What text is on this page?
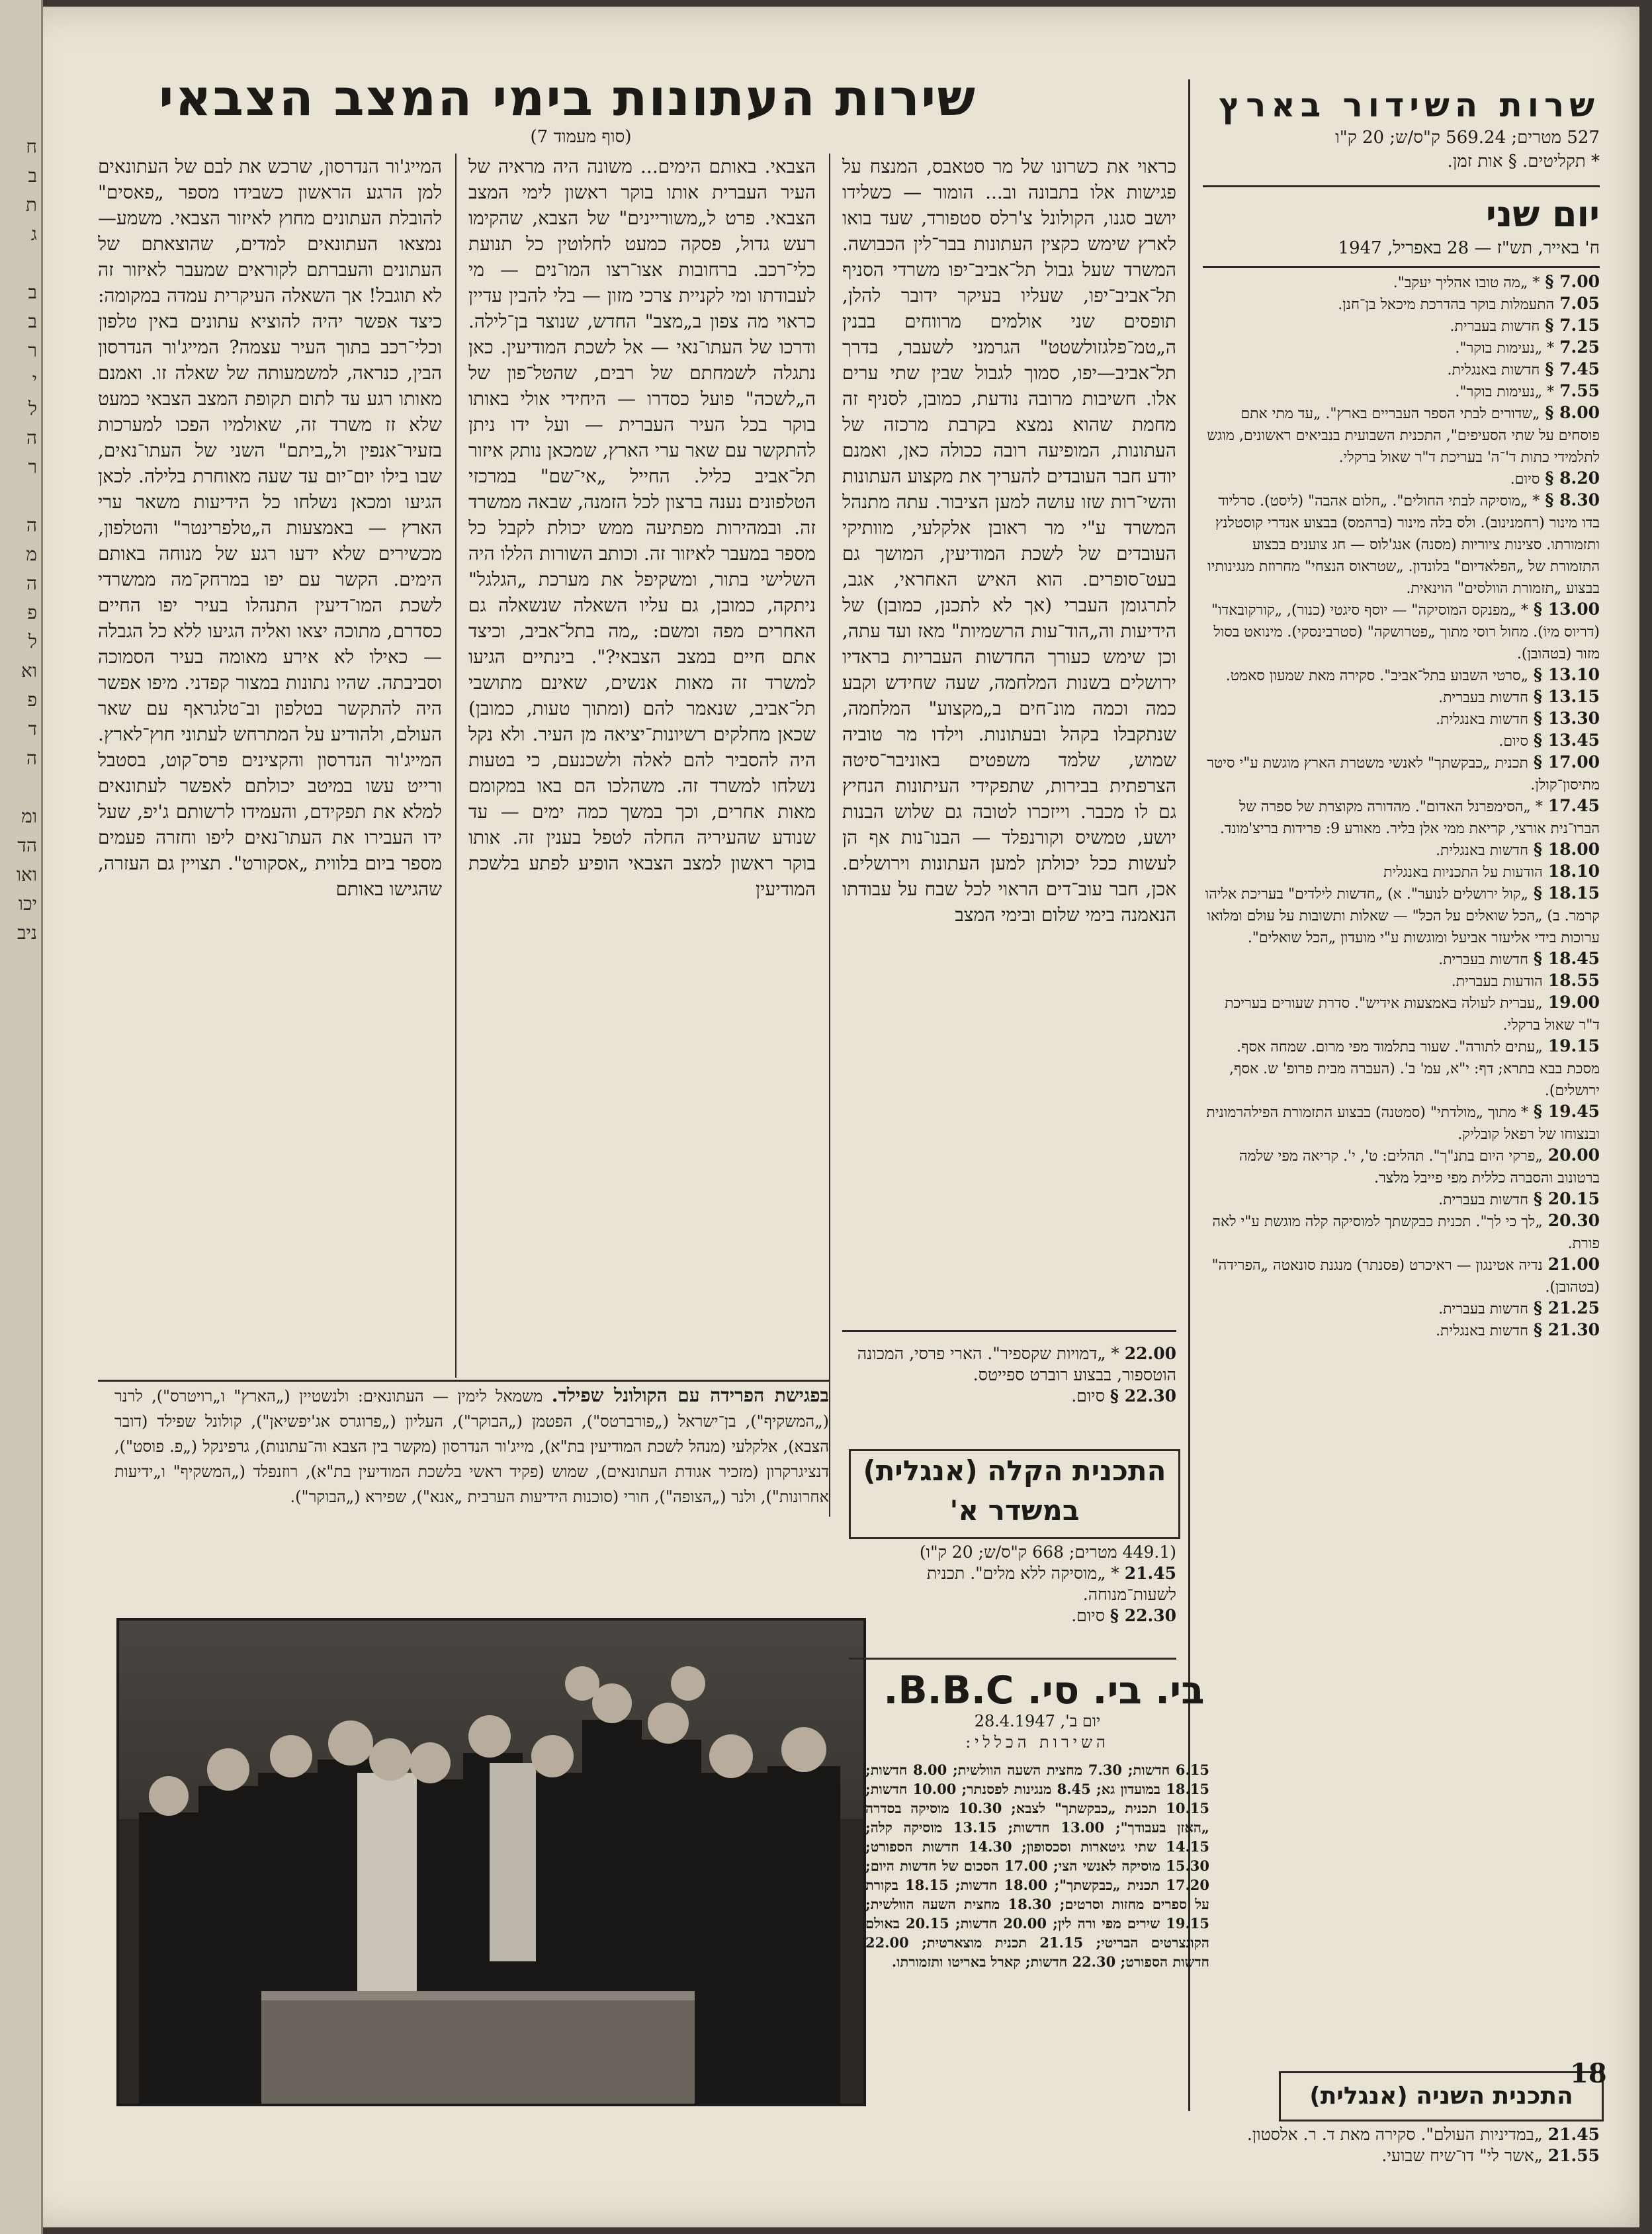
שירות העתונות בימי המצב הצבאי
(סוף מעמוד 7)

כראוי את כשרונו של מר סטאבס, המנצח על פגישות אלו בתבונה וב... הומור — כשלידו יושב סגנו, הקולונל צ'רלס סטפורד, שעד בואו לארץ שימש כקצין העתונות בבר־לין הכבושה. המשרד שעל גבול תל־אביב־יפו משרדי הסניף תל־אביב־יפו, שעליו בעיקר ידובר להלן, תופסים שני אולמים מרווחים בבנין ה„טמ־פלגזולשטט" הגרמני לשעבר, בדרך תל־אביב—יפו, סמוך לגבול שבין שתי ערים אלו. חשיבות מרובה נודעת, כמובן, לסניף זה מחמת שהוא נמצא בקרבת מרכזה של העתונות, המופיעה רובה ככולה כאן, ואמנם יודע חבר העובדים להעריך את מקצוע העתונות והשי־רות שזו עושה למען הציבור. עתה מתנהל המשרד ע"י מר ראובן אלקלעי, מוותיקי העובדים של לשכת המודיעין, המושך גם בעט־סופרים. הוא האיש האחראי, אגב, לתרגומן העברי (אך לא לתכנן, כמובן) של הידיעות וה„הוד־עות הרשמיות" מאז ועד עתה, וכן שימש כעורך החדשות העבריות בראדיו ירושלים בשנות המלחמה, שעה שחידש וקבע כמה וכמה מונ־חים ב„מקצוע" המלחמה, שנתקבלו בקהל ובעתונות. וילדו מר טוביה שמוש, שלמד משפטים באוניבר־סיטה הצרפתית בבירות, שתפקידי העיתונות הנחיץ גם לו מכבר. וייזכרו לטובה גם שלוש הבנות יושע, טמשיס וקורנפלד — הבנו־נות אף הן לעשות ככל יכולתן למען העתונות וירושלים. אכן, חבר עוב־דים הראוי לכל שבח על עבודתו הנאמנה בימי שלום ובימי המצב

הצבאי. באותם הימים... משונה היה מראיה של העיר העברית אותו בוקר ראשון לימי המצב הצבאי. פרט ל„משוריינים" של הצבא, שהקימו רעש גדול, פסקה כמעט לחלוטין כל תנועת כלי־רכב. ברחובות אצו־רצו המו־נים — מי לעבודתו ומי לקניית צרכי מזון — בלי להבין עדיין כראוי מה צפון ב„מצב" החדש, שנוצר בן־לילה. ודרכו של העתו־נאי — אל לשכת המודיעין. כאן נתגלה לשמחתם של רבים, שהטל־פון של ה„לשכה" פועל כסדרו — היחידי אולי באותו בוקר בכל העיר העברית — ועל ידו ניתן להתקשר עם שאר ערי הארץ, שמכאן נותק איזור תל־אביב כליל. החייל „אי־שם" במרכזי הטלפונים נענה ברצון לכל הזמנה, שבאה ממשרד זה. ובמהירות מפתיעה ממש יכולת לקבל כל מספר במעבר לאיזור זה. וכותב השורות הללו היה השלישי בתור, ומשקיפל את מערכת „הגלגל" ניתקה, כמובן, גם עליו השאלה שנשאלה גם האחרים מפה ומשם: „מה בתל־אביב, וכיצד אתם חיים במצב הצבאי?". בינתיים הגיעו למשרד זה מאות אנשים, שאינם מתושבי תל־אביב, שנאמר להם (ומתוך טעות, כמובן) שכאן מחלקים רשיונות־יציאה מן העיר. ולא נקל היה להסביר להם לאלה ולשכנעם, כי בטעות נשלחו למשרד זה. משהלכו הם באו במקומם מאות אחרים, וכך במשך כמה ימים — עד שנודע שהעיריה החלה לטפל בענין זה. אותו בוקר ראשון למצב הצבאי הופיע לפתע בלשכת המודיעין

המייג'ור הנדרסון, שרכש את לבם של העתונאים למן הרגע הראשון כשבידו מספר „פאסים" להובלת העתונים מחוץ לאיזור הצבאי. משמע—נמצאו העתונאים למדים, שהוצאתם של העתונים והעברתם לקוראים שמעבר לאיזור זה לא תוגבל! אך השאלה העיקרית עמדה במקומה: כיצד אפשר יהיה להוציא עתונים באין טלפון וכלי־רכב בתוך העיר עצמה? המייג'ור הנדרסון הבין, כנראה, למשמעותה של שאלה זו. ואמנם מאותו רגע עד לתום תקופת המצב הצבאי כמעט שלא זז משרד זה, שאולמיו הפכו למערכות בזעיר־אנפין ול„ביתם" השני של העתו־נאים, שבו בילו יום־יום עד שעה מאוחרת בלילה. לכאן הגיעו ומכאן נשלחו כל הידיעות משאר ערי הארץ — באמצעות ה„טלפרינטר" והטלפון, מכשירים שלא ידעו רגע של מנוחה באותם הימים. הקשר עם יפו במרחק־מה ממשרדי לשכת המו־דיעין התנהלו בעיר יפו החיים כסדרם, מתוכה יצאו ואליה הגיעו ללא כל הגבלה — כאילו לא אירע מאומה בעיר הסמוכה וסביבתה. שהיו נתונות במצור קפדני. מיפו אפשר היה להתקשר בטלפון וב־טלגראף עם שאר העולם, ולהודיע על המתרחש לעתוני חוץ־לארץ. המייג'ור הנדרסון והקצינים פרס־קוט, בסטבל ורייט עשו במיטב יכולתם לאפשר לעתונאים למלא את תפקידם, והעמידו לרשותם ג'יפ, שעל ידו העבירו את העתו־נאים ליפו וחזרה פעמים מספר ביום בלווית „אסקורט". תצויין גם העזרה, שהגישו באותם

בפגישת הפרידה עם הקולונל שפילד. משמאל לימין — העתונאים: ולנשטיין („הארץ" ו„רויטרס"), לרנר („המשקיף"), בן־ישראל („פורברטס"), הפטמן („הבוקר"), העליון („פרוגרס אג'יפשיאן"), קולונל שפילד (דובר הצבא), אלקלעי (מנהל לשכת המודיעין בת"א), מייג'ור הנדרסון (מקשר בין הצבא וה־עתונות), גרפינקל („פ. פוסט"), דנציגרקרון (מזכיר אגודת העתונאים), שמוש (פקיד ראשי בלשכת המודיעין בת"א), רוזנפלד („המשקיף" ו„ידיעות אחרונות"), ולנר („הצופה"), חורי (סוכנות הידיעות הערבית „אנא"), שפירא („הבוקר").
22.00 * „דמויות שקספיר". הארי פרסי, המכונה הוטספור, בבצוע רוברט ספייטס.
22.30 § סיום.
התכנית הקלה (אנגלית)
במשדר א'
(449.1 מטרים; 668 ק"ס/ש; 20 ק"ו)
21.45 * „מוסיקה ללא מלים". תכנית לשעות־מנוחה.
22.30 § סיום.
בי. בי. סי. B.B.C.
יום ב', 28.4.1947
השירות הכללי:
6.15 חדשות; 7.30 מחצית השעה הוולשית; 8.00 חדשות; 18.15 במועדון גא; 8.45 מנגינות לפסנתר; 10.00 חדשות; 10.15 תכנית „כבקשתך" לצבא; 10.30 מוסיקה בסדרה „האזן בעבודך"; 13.00 חדשות; 13.15 מוסיקה קלה; 14.15 שתי גיטארות וסכסופון; 14.30 חדשות הספורט; 15.30 מוסיקה לאנשי הצי; 17.00 הסכום של חדשות היום; 17.20 תכנית „כבקשתך"; 18.00 חדשות; 18.15 בקורת על ספרים מחזות וסרטים; 18.30 מחצית השעה הוולשית; 19.15 שירים מפי ורה לין; 20.00 חדשות; 20.15 באולם הקונצרטים הבריטי; 21.15 תכנית מוצארטית; 22.00 חדשות הספורט; 22.30 חדשות; קארל באריטו ותזמורתו.
שרות השידור בארץ
527 מטרים; 569.24 ק"ס/ש; 20 ק"ו
* תקליטים. § אות זמן.
יום שני
ח' באייר, תש"ז — 28 באפריל, 1947
7.00 § * „מה טובו אהליך יעקב".
7.05 התעמלות בוקר בהדרכת מיכאל בן־חנן.
7.15 § חדשות בעברית.
7.25 * „נעימות בוקר".
7.45 § חדשות באנגלית.
7.55 * „נעימות בוקר".
8.00 § „שדורים לבתי הספר העבריים בארץ". „עד מתי אתם פוסחים על שתי הסעיפים", התכנית השבועית בנביאים ראשונים, מוגש לתלמידי כתות ד'־ה' בעריכת ד"ר שאול ברקלי.
8.20 § סיום.
8.30 § * „מוסיקה לבתי החולים". „חלום אהבה" (ליסט). סרליוד בדו מינור (רחמנינוב). ולס בלה מינור (ברהמס) בבצוע אנדרי קוסטלנץ ותזמורתו. סצינות ציוריות (מסנה) אנג'לוס — חג צוענים בבצוע התזמורת של „הפלאדיום" בלונדון. „שטראוס הנצחי" מחרוזת מנגינותיו בבצוע „תזמורת הוולסים" הוינאית.
13.00 § * „מפנקס המוסיקה" — יוסף סיגטי (כנור), „קורקובאדו" (דריוס מיוֹ). מחול רוסי מתוך „פטרושקה" (סטרבינסקי). מינואט בסול מזור (בטהובן).
13.10 § „סרטי השבוע בתל־אביב". סקירה מאת שמעון סאמט.
13.15 § חדשות בעברית.
13.30 § חדשות באנגלית.
13.45 § סיום.
17.00 § תכנית „כבקשתך" לאנשי משטרת הארץ מוגשת ע"י סיטר מתיסון־קולן.
17.45 * „הסימפרנל האדום". מהדורה מקוצרת של ספרה של הברו־נית אורצי, קריאת ממי אלן בליר. מאורע 9: פרידות בריצ'מונד.
18.00 § חדשות באנגלית.
18.10 הודעות על התכניות באנגלית
18.15 § „קול ירושלים לנוער". א) „חדשות לילדים" בעריכת אליהו קרמר. ב) „הכל שואלים על הכל" — שאלות ותשובות על עולם ומלואו ערוכות בידי אליעזר אביעל ומוגשות ע"י מועדון „הכל שואלים".
18.45 § חדשות בעברית.
18.55 הודעות בעברית.
19.00 „עברית לעולה באמצעות אידיש". סדרת שעורים בעריכת ד"ר שאול ברקלי.
19.15 „עתים לתורה". שעור בתלמוד מפי מרום. שמחה אסף. מסכת בבא בתרא; דף: י"א, עמ' ב'. (העברה מבית פרופ' ש. אסף, ירושלים).
19.45 § * מתוך „מולדתי" (סמטנה) בבצוע התזמורת הפילהרמונית ובנצוחו של רפאל קובליק.
20.00 „פרקי היום בתנ"ך". תהלים: ט', י'. קריאה מפי שלמה ברטונוב והסברה כללית מפי פייבל מלצר.
20.15 § חדשות בעברית.
20.30 „לך כי לך". תכנית כבקשתך למוסיקה קלה מוגשת ע"י לאה פורת.
21.00 נדיה אטינגון — ראיכרט (פסנתר) מנגנת סונאטה „הפרידה" (בטהובן).
21.25 § חדשות בעברית.
21.30 § חדשות באנגלית.
התכנית השניה (אנגלית)
21.45 „במדיניות העולם". סקירה מאת ד. ר. אלסטון.
21.55 „אשר לי" דו־שיח שבועי.
18
ח
ב
ת
ג

ב
ב
ר
י
ל
ה
ר

ה
מ
ה
פ
ל
וא
פ
ד
ה

ומ
הד
ואו
יכו
ניב
